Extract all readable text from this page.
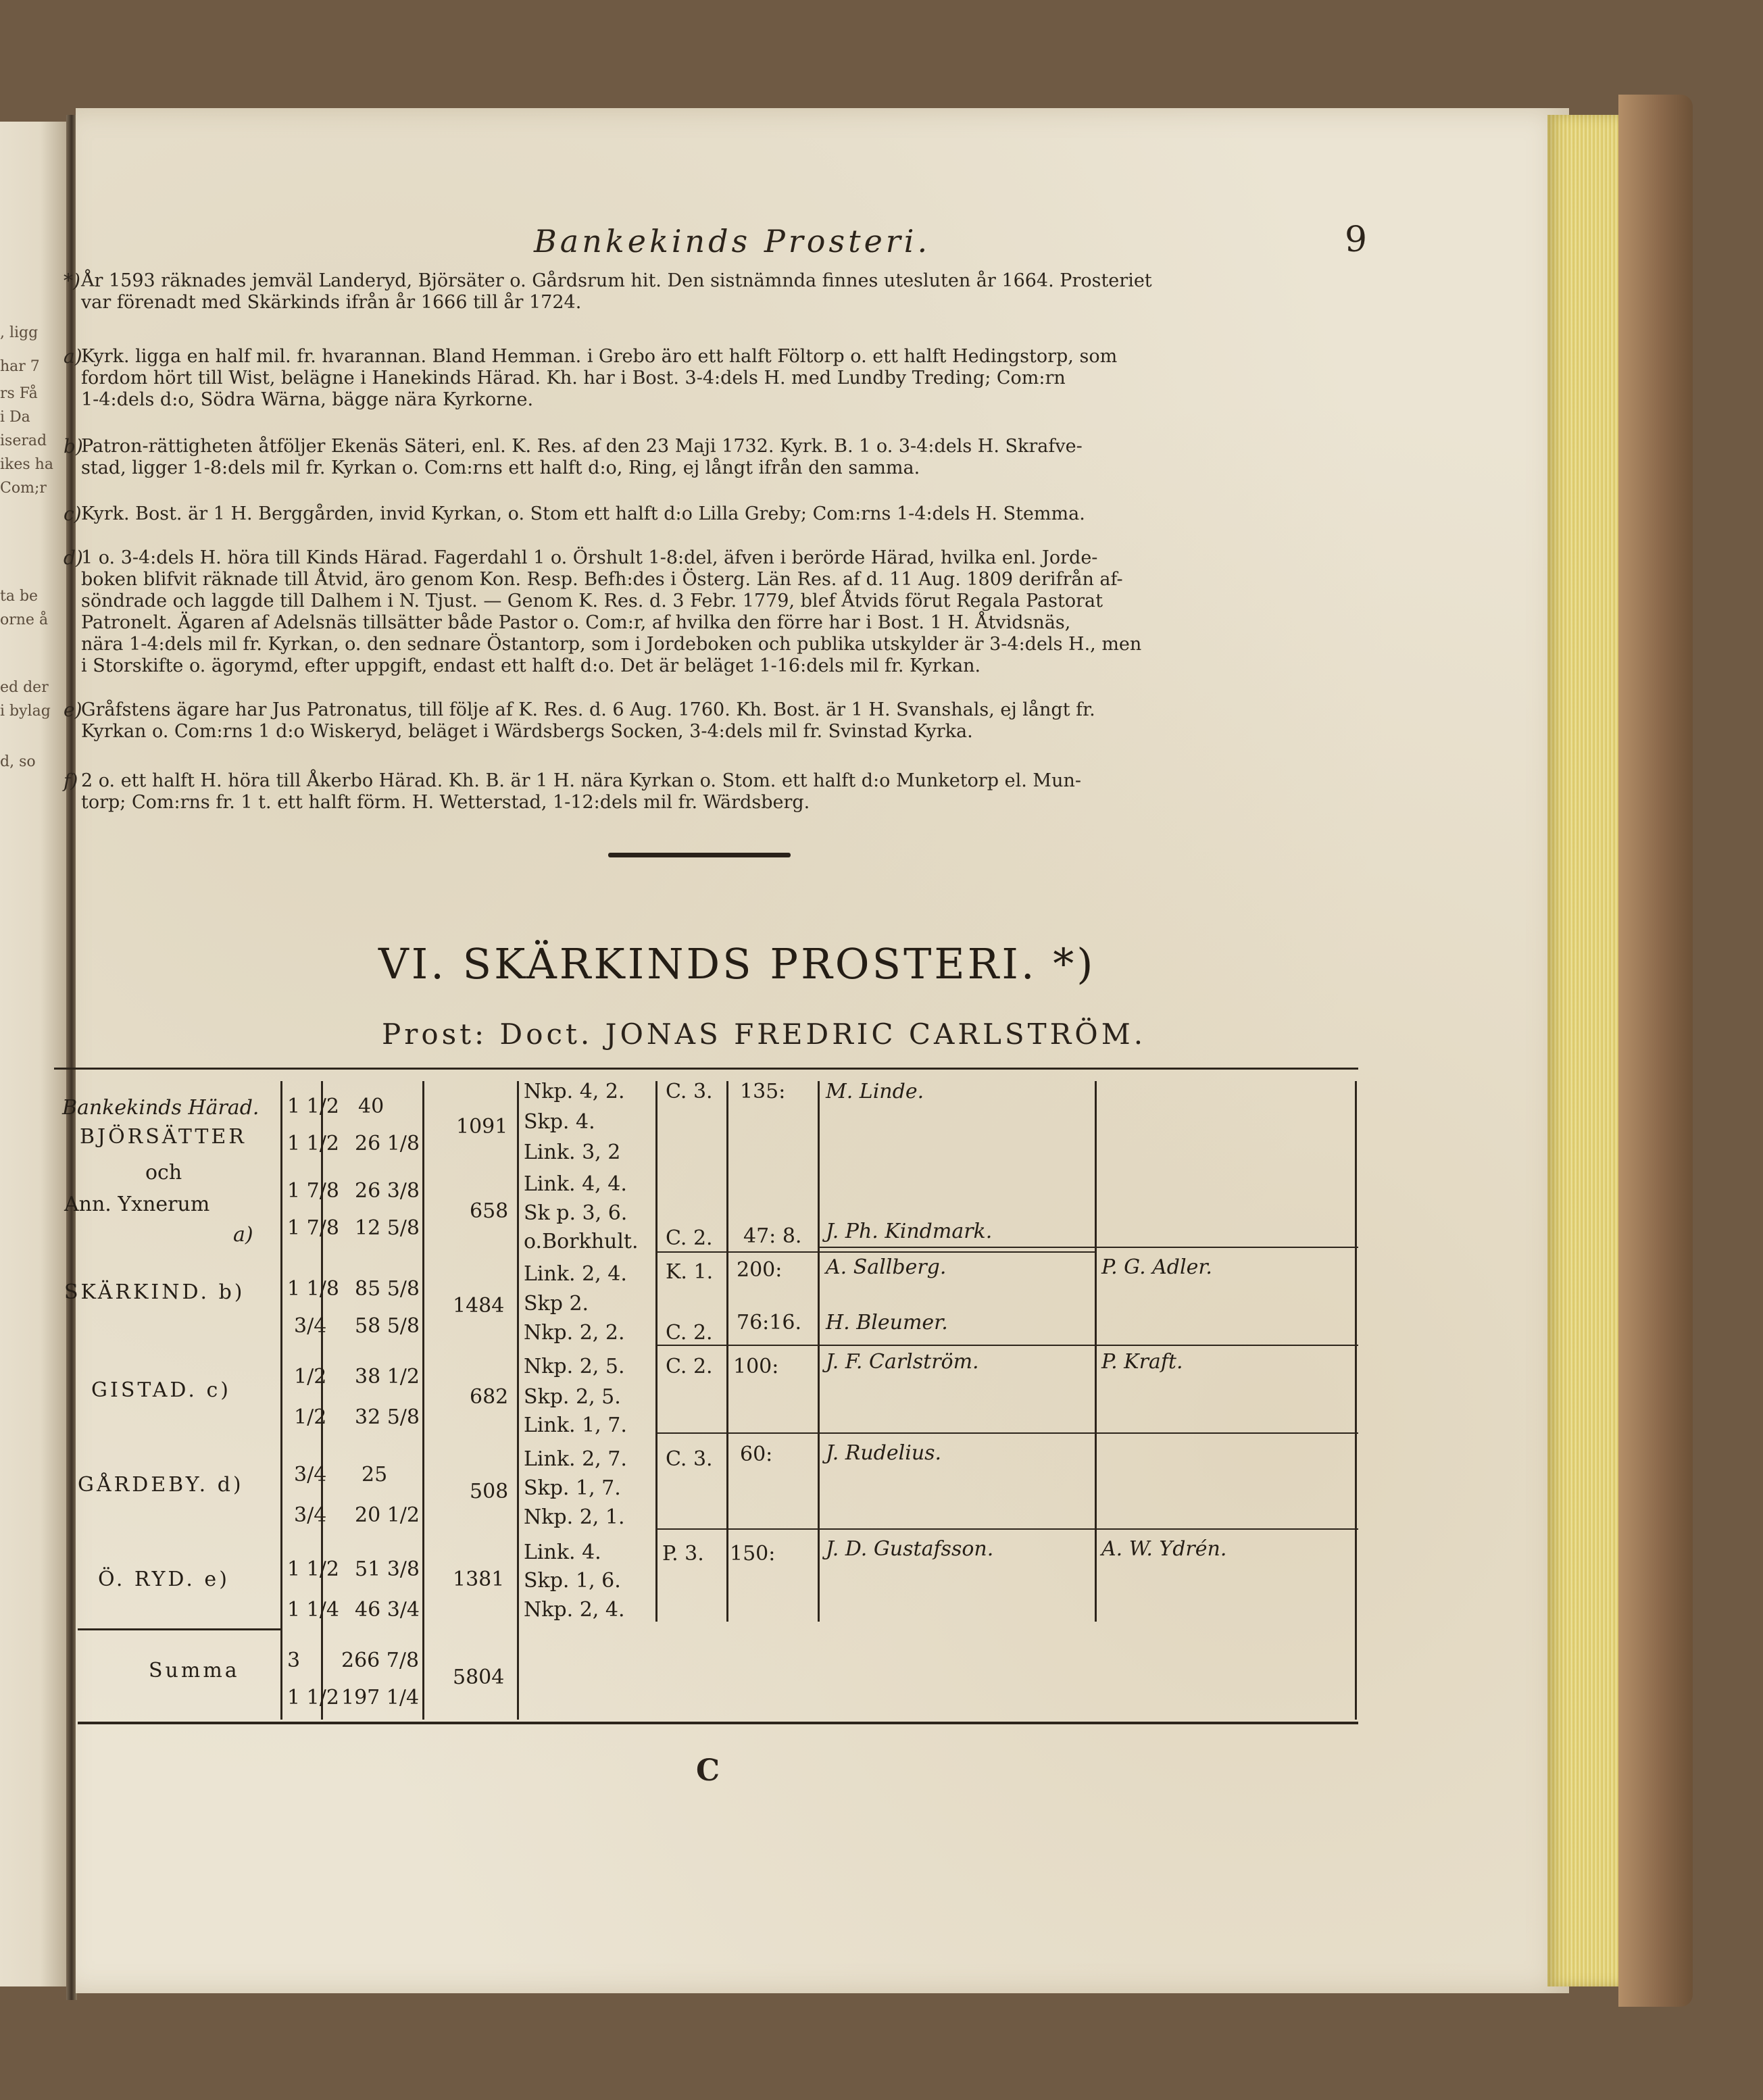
, ligg
har 7
rs Få
i Da
iserad
ikes ha
Com;r
ta be
orne å
ed der
i bylag
d, so
Bankekinds Prosteri.	9
*) År 1593 räknades jemväl Landeryd, Björsäter o. Gårdsrum hit. Den sistnämnda finnes utesluten år 1664. Prosteriet
var förenadt med Skärkinds ifrån år 1666 till år 1724.
a)
Kyrk. ligga en half mil. fr. hvarannan. Bland Hemman. i Grebo äro ett halft Föltorp o. ett halft Hedingstorp, som
fordom hört till Wist, belägne i Hanekinds Härad. Kh. har i Bost. 3-4:dels H. med Lundby Treding; Com:rn
1-4:dels d:o, Södra Wärna, bägge nära Kyrkorne.
b)
Patron-rättigheten åtföljer Ekenäs Säteri, enl. K. Res. af den 23 Maji 1732. Kyrk. B. 1 o. 3-4:dels H. Skrafve-
stad, ligger 1-8:dels mil fr. Kyrkan o. Com:rns ett halft d:o, Ring, ej långt ifrån den samma.
c) Kyrk. Bost. är 1 H. Berggården, invid Kyrkan, o. Stom ett halft d:o Lilla Greby; Com:rns 1-4:dels H. Stemma.
d)
1 o. 3-4:dels H. höra till Kinds Härad. Fagerdahl 1 o. Örshult 1-8:del, äfven i berörde Härad, hvilka enl. Jorde-
boken blifvit räknade till Åtvid, äro genom Kon. Resp. Befh:des i Österg. Län Res. af d. 11 Aug. 1809 derifrån af-
söndrade och laggde till Dalhem i N. Tjust. — Genom K. Res. d. 3 Febr. 1779, blef Åtvids förut Regala Pastorat
Patronelt. Ägaren af Adelsnäs tillsätter både Pastor o. Com:r, af hvilka den förre har i Bost. 1 H. Åtvidsnäs,
nära 1-4:dels mil fr. Kyrkan, o. den sednare Östantorp, som i Jordeboken och publika utskylder är 3-4:dels H., men
i Storskifte o. ägorymd, efter uppgift, endast ett halft d:o. Det är beläget 1-16:dels mil fr. Kyrkan.
e)
Gråfstens ägare har Jus Patronatus, till följe af K. Res. d. 6 Aug. 1760. Kh. Bost. är 1 H. Svanshals, ej långt fr.
Kyrkan o. Com:rns 1 d:o Wiskeryd, beläget i Wärdsbergs Socken, 3-4:dels mil fr. Svinstad Kyrka.
f) 2 o. ett halft H. höra till Åkerbo Härad. Kh. B. är 1 H. nära Kyrkan o. Stom. ett halft d:o Munketorp el. Mun-
torp; Com:rns fr. 1 t. ett halft förm. H. Wetterstad, 1-12:dels mil fr. Wärdsberg.
VI. SKÄRKINDS PROSTERI. *)
Prost: Doct. JONAS FREDRIC CARLSTRÖM.
Bankekinds Härad.
BJÖRSÄTTER
och
Ann. Yxnerum
a)
SKÄRKIND. b)
GISTAD. c)
GÅRDEBY. d)
Ö. RYD. e)
Summa
1 1/2
1 1/2
1 7/8
1 7/8
1 1/8
3/4
1/2
1/2
3/4
3/4
1 1/2
1 1/4
3
1 1/2
40
26 1/8
26 3/8
12 5/8
85 5/8
58 5/8
38 1/2
32 5/8
25
20 1/2
51 3/8
46 3/4
266 7/8
197 1/4
1091
658
1484
682
508
1381
5804
Nkp. 4, 2.
Skp. 4.
Link. 3, 2
Link. 4, 4.
Sk p. 3, 6.
o.Borkhult.
Link. 2, 4.
Skp 2.
Nkp. 2, 2.
Nkp. 2, 5.
Skp. 2, 5.
Link. 1, 7.
Link. 2, 7.
Skp. 1, 7.
Nkp. 2, 1.
Link. 4.
Skp. 1, 6.
Nkp. 2, 4.
C. 3.
C. 2.
K. 1.
C. 2.
C. 2.
C. 3.
P. 3.
135:
47: 8.
200:
76:16.
100:
60:
150:
M. Linde.
J. Ph. Kindmark.
A. Sallberg.
H. Bleumer.
J. F. Carlström.
J. Rudelius.
J. D. Gustafsson.
P. G. Adler.
P. Kraft.
A. W. Ydrén.
C
